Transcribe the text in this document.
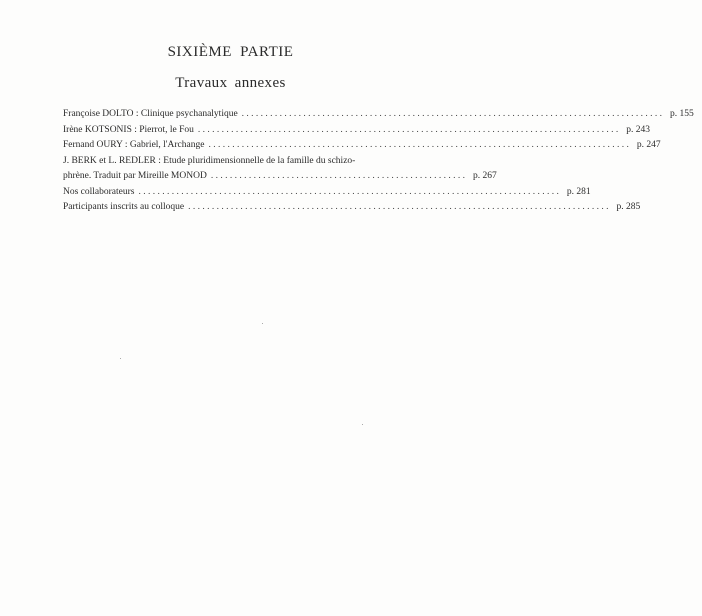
SIXIÈME PARTIE
Travaux annexes
Françoise DOLTO : Clinique psychanalytique . . .	p. 155
Irène KOTSONIS : Pierrot, le Fou . . .	p. 243
Fernand OURY : Gabriel, l'Archange . . .	p. 247
J. BERK et L. REDLER : Etude pluridimensionnelle de la famille du schizo-
phrène. Traduit par Mireille MONOD . . . . . . . . . . . . . . . . . . . . . . . . . . . . . . . . . . . . . . . . . . . . . . . . . . . . . . p. 267
Nos collaborateurs . . .	p. 281
Participants inscrits au colloque . . .	p. 285
